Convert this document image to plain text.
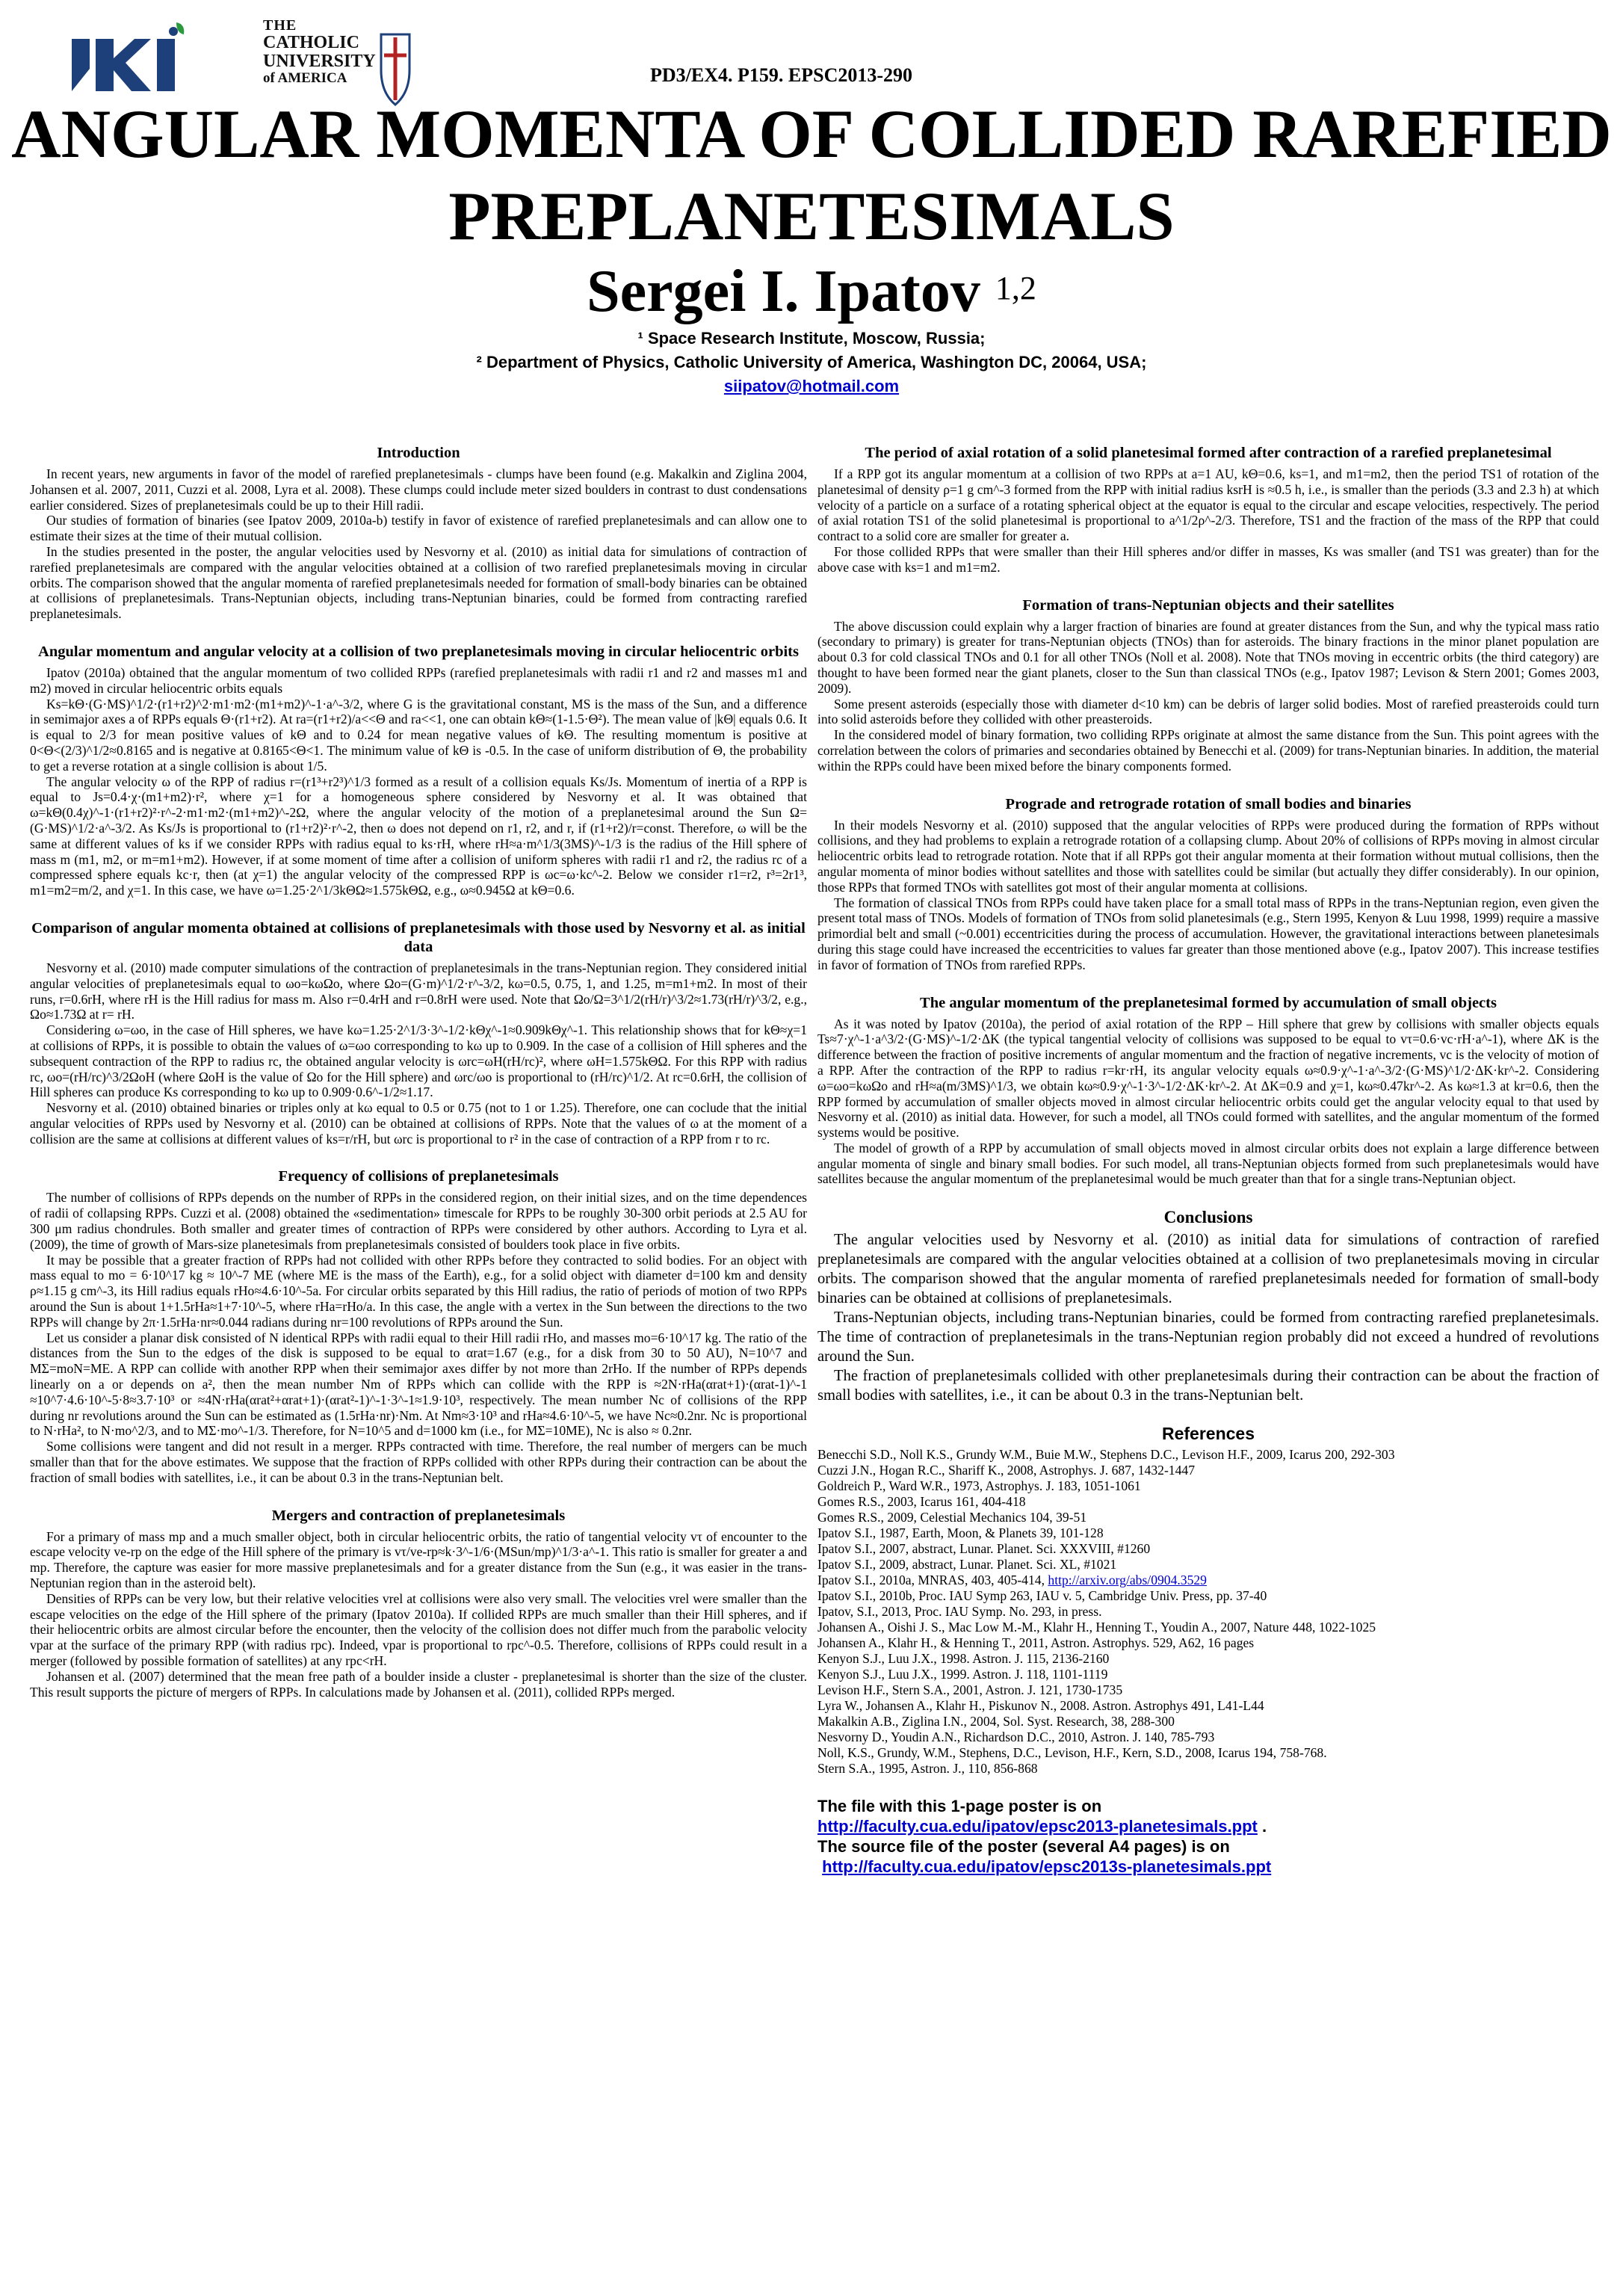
THE
CATHOLIC UNIVERSITY
of AMERICA	PD3/EX4. P159. EPSC2013-290
ANGULAR MOMENTA OF COLLIDED RAREFIED PREPLANETESIMALS
Sergei I. Ipatov $^{1,2}$
¹ Space Research Institute, Moscow, Russia;
² Department of Physics, Catholic University of America, Washington DC, 20064, USA;
siipatov@hotmail.com
Introduction

In recent years, new arguments in favor of the model of rarefied preplanetesimals - clumps have been found (e.g. Makalkin and Ziglina 2004, Johansen et al. 2007, 2011, Cuzzi et al. 2008, Lyra et al. 2008). These clumps could include meter sized boulders in contrast to dust condensations earlier considered. Sizes of preplanetesimals could be up to their Hill radii.

Our studies of formation of binaries (see Ipatov 2009, 2010a-b) testify in favor of existence of rarefied preplanetesimals and can allow one to estimate their sizes at the time of their mutual collision.

In the studies presented in the poster, the angular velocities used by Nesvorny et al. (2010) as initial data for simulations of contraction of rarefied preplanetesimals are compared with the angular velocities obtained at a collision of two rarefied preplanetesimals moving in circular orbits. The comparison showed that the angular momenta of rarefied preplanetesimals needed for formation of small-body binaries can be obtained at collisions of preplanetesimals. Trans-Neptunian objects, including trans-Neptunian binaries, could be formed from contracting rarefied preplanetesimals.

Angular momentum and angular velocity at a collision of two preplanetesimals moving in circular heliocentric orbits

Ipatov (2010a) obtained that the angular momentum of two collided RPPs (rarefied preplanetesimals with radii r1 and r2 and masses m1 and m2) moved in circular heliocentric orbits equals

Ks=kΘ·(G·MS)^1/2·(r1+r2)^2·m1·m2·(m1+m2)^-1·a^-3/2, where G is the gravitational constant, MS is the mass of the Sun, and a difference in semimajor axes a of RPPs equals Θ·(r1+r2). At ra=(r1+r2)/a<<Θ and ra<<1, one can obtain kΘ≈(1-1.5·Θ²). The mean value of |kΘ| equals 0.6. It is equal to 2/3 for mean positive values of kΘ and to 0.24 for mean negative values of kΘ. The resulting momentum is positive at 0<Θ<(2/3)^1/2≈0.8165 and is negative at 0.8165<Θ<1. The minimum value of kΘ is -0.5. In the case of uniform distribution of Θ, the probability to get a reverse rotation at a single collision is about 1/5.

The angular velocity ω of the RPP of radius r=(r1³+r2³)^1/3 formed as a result of a collision equals Ks/Js. Momentum of inertia of a RPP is equal to Js=0.4·χ·(m1+m2)·r², where χ=1 for a homogeneous sphere considered by Nesvorny et al. It was obtained that ω=kΘ(0.4χ)^-1·(r1+r2)²·r^-2·m1·m2·(m1+m2)^-2Ω, where the angular velocity of the motion of a preplanetesimal around the Sun Ω=(G·MS)^1/2·a^-3/2. As Ks/Js is proportional to (r1+r2)²·r^-2, then ω does not depend on r1, r2, and r, if (r1+r2)/r=const. Therefore, ω will be the same at different values of ks if we consider RPPs with radius equal to ks·rH, where rH≈a·m^1/3(3MS)^-1/3 is the radius of the Hill sphere of mass m (m1, m2, or m=m1+m2). However, if at some moment of time after a collision of uniform spheres with radii r1 and r2, the radius rc of a compressed sphere equals kc·r, then (at χ=1) the angular velocity of the compressed RPP is ωc=ω·kc^-2. Below we consider r1=r2, r³=2r1³, m1=m2=m/2, and χ=1. In this case, we have ω=1.25·2^1/3kΘΩ≈1.575kΘΩ, e.g., ω≈0.945Ω at kΘ=0.6.

Comparison of angular momenta obtained at collisions of preplanetesimals with those used by Nesvorny et al. as initial data

Nesvorny et al. (2010) made computer simulations of the contraction of preplanetesimals in the trans-Neptunian region. They considered initial angular velocities of preplanetesimals equal to ωo=kωΩo, where Ωo=(G·m)^1/2·r^-3/2, kω=0.5, 0.75, 1, and 1.25, m=m1+m2. In most of their runs, r=0.6rH, where rH is the Hill radius for mass m. Also r=0.4rH and r=0.8rH were used. Note that Ωo/Ω=3^1/2(rH/r)^3/2≈1.73(rH/r)^3/2, e.g., Ωo≈1.73Ω at r= rH.

Considering ω=ωo, in the case of Hill spheres, we have kω=1.25·2^1/3·3^-1/2·kΘχ^-1≈0.909kΘχ^-1. This relationship shows that for kΘ≈χ=1 at collisions of RPPs, it is possible to obtain the values of ω=ωo corresponding to kω up to 0.909. In the case of a collision of Hill spheres and the subsequent contraction of the RPP to radius rc, the obtained angular velocity is ωrc=ωH(rH/rc)², where ωH=1.575kΘΩ. For this RPP with radius rc, ωo=(rH/rc)^3/2ΩoH (where ΩoH is the value of Ωo for the Hill sphere) and ωrc/ωo is proportional to (rH/rc)^1/2. At rc=0.6rH, the collision of Hill spheres can produce Ks corresponding to kω up to 0.909·0.6^-1/2≈1.17.

Nesvorny et al. (2010) obtained binaries or triples only at kω equal to 0.5 or 0.75 (not to 1 or 1.25). Therefore, one can coclude that the initial angular velocities of RPPs used by Nesvorny et al. (2010) can be obtained at collisions of RPPs. Note that the values of ω at the moment of a collision are the same at collisions at different values of ks=r/rH, but ωrc is proportional to r² in the case of contraction of a RPP from r to rc.

Frequency of collisions of preplanetesimals

The number of collisions of RPPs depends on the number of RPPs in the considered region, on their initial sizes, and on the time dependences of radii of collapsing RPPs. Cuzzi et al. (2008) obtained the «sedimentation» timescale for RPPs to be roughly 30-300 orbit periods at 2.5 AU for 300 μm radius chondrules. Both smaller and greater times of contraction of RPPs were considered by other authors. According to Lyra et al. (2009), the time of growth of Mars-size planetesimals from preplanetesimals consisted of boulders took place in five orbits.

It may be possible that a greater fraction of RPPs had not collided with other RPPs before they contracted to solid bodies. For an object with mass equal to mo = 6·10^17 kg ≈ 10^-7 ME (where ME is the mass of the Earth), e.g., for a solid object with diameter d=100 km and density ρ≈1.15 g cm^-3, its Hill radius equals rHo≈4.6·10^-5a. For circular orbits separated by this Hill radius, the ratio of periods of motion of two RPPs around the Sun is about 1+1.5rHa≈1+7·10^-5, where rHa=rHo/a. In this case, the angle with a vertex in the Sun between the directions to the two RPPs will change by 2π·1.5rHa·nr≈0.044 radians during nr=100 revolutions of RPPs around the Sun.

Let us consider a planar disk consisted of N identical RPPs with radii equal to their Hill radii rHo, and masses mo=6·10^17 kg. The ratio of the distances from the Sun to the edges of the disk is supposed to be equal to αrat=1.67 (e.g., for a disk from 30 to 50 AU), N=10^7 and MΣ=moN=ME. A RPP can collide with another RPP when their semimajor axes differ by not more than 2rHo. If the number of RPPs depends linearly on a or depends on a², then the mean number Nm of RPPs which can collide with the RPP is ≈2N·rHa(αrat+1)·(αrat-1)^-1 ≈10^7·4.6·10^-5·8≈3.7·10³ or ≈4N·rHa(αrat²+αrat+1)·(αrat²-1)^-1·3^-1≈1.9·10³, respectively. The mean number Nc of collisions of the RPP during nr revolutions around the Sun can be estimated as (1.5rHa·nr)·Nm. At Nm≈3·10³ and rHa≈4.6·10^-5, we have Nc≈0.2nr. Nc is proportional to N·rHa², to N·mo^2/3, and to MΣ·mo^-1/3. Therefore, for N=10^5 and d=1000 km (i.e., for MΣ=10ME), Nc is also ≈ 0.2nr.

Some collisions were tangent and did not result in a merger. RPPs contracted with time. Therefore, the real number of mergers can be much smaller than that for the above estimates. We suppose that the fraction of RPPs collided with other RPPs during their contraction can be about the fraction of small bodies with satellites, i.e., it can be about 0.3 in the trans-Neptunian belt.

Mergers and contraction of preplanetesimals

For a primary of mass mp and a much smaller object, both in circular heliocentric orbits, the ratio of tangential velocity vτ of encounter to the escape velocity ve-rp on the edge of the Hill sphere of the primary is vτ/ve-rp≈k·3^-1/6·(MSun/mp)^1/3·a^-1. This ratio is smaller for greater a and mp. Therefore, the capture was easier for more massive preplanetesimals and for a greater distance from the Sun (e.g., it was easier in the trans-Neptunian region than in the asteroid belt).

Densities of RPPs can be very low, but their relative velocities vrel at collisions were also very small. The velocities vrel were smaller than the escape velocities on the edge of the Hill sphere of the primary (Ipatov 2010a). If collided RPPs are much smaller than their Hill spheres, and if their heliocentric orbits are almost circular before the encounter, then the velocity of the collision does not differ much from the parabolic velocity vpar at the surface of the primary RPP (with radius rpc). Indeed, vpar is proportional to rpc^-0.5. Therefore, collisions of RPPs could result in a merger (followed by possible formation of satellites) at any rpc<rH.

Johansen et al. (2007) determined that the mean free path of a boulder inside a cluster - preplanetesimal is shorter than the size of the cluster. This result supports the picture of mergers of RPPs. In calculations made by Johansen et al. (2011), collided RPPs merged.

The period of axial rotation of a solid planetesimal formed after contraction of a rarefied preplanetesimal

If a RPP got its angular momentum at a collision of two RPPs at a=1 AU, kΘ=0.6, ks=1, and m1=m2, then the period TS1 of rotation of the planetesimal of density ρ=1 g cm^-3 formed from the RPP with initial radius ksrH is ≈0.5 h, i.e., is smaller than the periods (3.3 and 2.3 h) at which velocity of a particle on a surface of a rotating spherical object at the equator is equal to the circular and escape velocities, respectively. The period of axial rotation TS1 of the solid planetesimal is proportional to a^1/2ρ^-2/3. Therefore, TS1 and the fraction of the mass of the RPP that could contract to a solid core are smaller for greater a.

For those collided RPPs that were smaller than their Hill spheres and/or differ in masses, Ks was smaller (and TS1 was greater) than for the above case with ks=1 and m1=m2.

Formation of trans-Neptunian objects and their satellites

The above discussion could explain why a larger fraction of binaries are found at greater distances from the Sun, and why the typical mass ratio (secondary to primary) is greater for trans-Neptunian objects (TNOs) than for asteroids. The binary fractions in the minor planet population are about 0.3 for cold classical TNOs and 0.1 for all other TNOs (Noll et al. 2008). Note that TNOs moving in eccentric orbits (the third category) are thought to have been formed near the giant planets, closer to the Sun than classical TNOs (e.g., Ipatov 1987; Levison & Stern 2001; Gomes 2003, 2009).

Some present asteroids (especially those with diameter d<10 km) can be debris of larger solid bodies. Most of rarefied preasteroids could turn into solid asteroids before they collided with other preasteroids.

In the considered model of binary formation, two colliding RPPs originate at almost the same distance from the Sun. This point agrees with the correlation between the colors of primaries and secondaries obtained by Benecchi et al. (2009) for trans-Neptunian binaries. In addition, the material within the RPPs could have been mixed before the binary components formed.

Prograde and retrograde rotation of small bodies and binaries

In their models Nesvorny et al. (2010) supposed that the angular velocities of RPPs were produced during the formation of RPPs without collisions, and they had problems to explain a retrograde rotation of a collapsing clump. About 20% of collisions of RPPs moving in almost circular heliocentric orbits lead to retrograde rotation. Note that if all RPPs got their angular momenta at their formation without mutual collisions, then the angular momenta of minor bodies without satellites and those with satellites could be similar (but actually they differ considerably). In our opinion, those RPPs that formed TNOs with satellites got most of their angular momenta at collisions.

The formation of classical TNOs from RPPs could have taken place for a small total mass of RPPs in the trans-Neptunian region, even given the present total mass of TNOs. Models of formation of TNOs from solid planetesimals (e.g., Stern 1995, Kenyon & Luu 1998, 1999) require a massive primordial belt and small (~0.001) eccentricities during the process of accumulation. However, the gravitational interactions between planetesimals during this stage could have increased the eccentricities to values far greater than those mentioned above (e.g., Ipatov 2007). This increase testifies in favor of formation of TNOs from rarefied RPPs.

The angular momentum of the preplanetesimal formed by accumulation of small objects

As it was noted by Ipatov (2010a), the period of axial rotation of the RPP – Hill sphere that grew by collisions with smaller objects equals Ts≈7·χ^-1·a^3/2·(G·MS)^-1/2·ΔK (the typical tangential velocity of collisions was supposed to be equal to vτ=0.6·vc·rH·a^-1), where ΔK is the difference between the fraction of positive increments of angular momentum and the fraction of negative increments, vc is the velocity of motion of a RPP. After the contraction of the RPP to radius r=kr·rH, its angular velocity equals ω≈0.9·χ^-1·a^-3/2·(G·MS)^1/2·ΔK·kr^-2. Considering ω=ωo=kωΩo and rH≈a(m/3MS)^1/3, we obtain kω≈0.9·χ^-1·3^-1/2·ΔK·kr^-2. At ΔK=0.9 and χ=1, kω≈0.47kr^-2. As kω≈1.3 at kr=0.6, then the RPP formed by accumulation of smaller objects moved in almost circular heliocentric orbits could get the angular velocity equal to that used by Nesvorny et al. (2010) as initial data. However, for such a model, all TNOs could formed with satellites, and the angular momentum of the formed systems would be positive.

The model of growth of a RPP by accumulation of small objects moved in almost circular orbits does not explain a large difference between angular momenta of single and binary small bodies. For such model, all trans-Neptunian objects formed from such preplanetesimals would have satellites because the angular momentum of the preplanetesimal would be much greater than that for a single trans-Neptunian object.

Conclusions

The angular velocities used by Nesvorny et al. (2010) as initial data for simulations of contraction of rarefied preplanetesimals are compared with the angular velocities obtained at a collision of two preplanetesimals moving in circular orbits. The comparison showed that the angular momenta of rarefied preplanetesimals needed for formation of small-body binaries can be obtained at collisions of preplanetesimals.

Trans-Neptunian objects, including trans-Neptunian binaries, could be formed from contracting rarefied preplanetesimals. The time of contraction of preplanetesimals in the trans-Neptunian region probably did not exceed a hundred of revolutions around the Sun.

The fraction of preplanetesimals collided with other preplanetesimals during their contraction can be about the fraction of small bodies with satellites, i.e., it can be about 0.3 in the trans-Neptunian belt.

References

Benecchi S.D., Noll K.S., Grundy W.M., Buie M.W., Stephens D.C., Levison H.F., 2009, Icarus 200, 292-303

Cuzzi J.N., Hogan R.C., Shariff K., 2008, Astrophys. J. 687, 1432-1447

Goldreich P., Ward W.R., 1973, Astrophys. J. 183, 1051-1061

Gomes R.S., 2003, Icarus 161, 404-418

Gomes R.S., 2009, Celestial Mechanics 104, 39-51

Ipatov S.I., 1987, Earth, Moon, & Planets 39, 101-128

Ipatov S.I., 2007, abstract, Lunar. Planet. Sci. XXXVIII, #1260

Ipatov S.I., 2009, abstract, Lunar. Planet. Sci. XL, #1021

Ipatov S.I., 2010a, MNRAS, 403, 405-414, http://arxiv.org/abs/0904.3529

Ipatov S.I., 2010b, Proc. IAU Symp 263, IAU v. 5, Cambridge Univ. Press, pp. 37-40

Ipatov, S.I., 2013, Proc. IAU Symp. No. 293, in press.

Johansen A., Oishi J. S., Mac Low M.-M., Klahr H., Henning T., Youdin A., 2007, Nature 448, 1022-1025

Johansen A., Klahr H., & Henning T., 2011, Astron. Astrophys. 529, A62, 16 pages

Kenyon S.J., Luu J.X., 1998. Astron. J. 115, 2136-2160

Kenyon S.J., Luu J.X., 1999. Astron. J. 118, 1101-1119

Levison H.F., Stern S.A., 2001, Astron. J. 121, 1730-1735

Lyra W., Johansen A., Klahr H., Piskunov N., 2008. Astron. Astrophys 491, L41-L44

Makalkin A.B., Ziglina I.N., 2004, Sol. Syst. Research, 38, 288-300

Nesvorny D., Youdin A.N., Richardson D.C., 2010, Astron. J. 140, 785-793

Noll, K.S., Grundy, W.M., Stephens, D.C., Levison, H.F., Kern, S.D., 2008, Icarus 194, 758-768.

Stern S.A., 1995, Astron. J., 110, 856-868

The file with this 1-page poster is on

http://faculty.cua.edu/ipatov/epsc2013-planetesimals.ppt .

The source file of the poster (several A4 pages) is on

http://faculty.cua.edu/ipatov/epsc2013s-planetesimals.ppt
